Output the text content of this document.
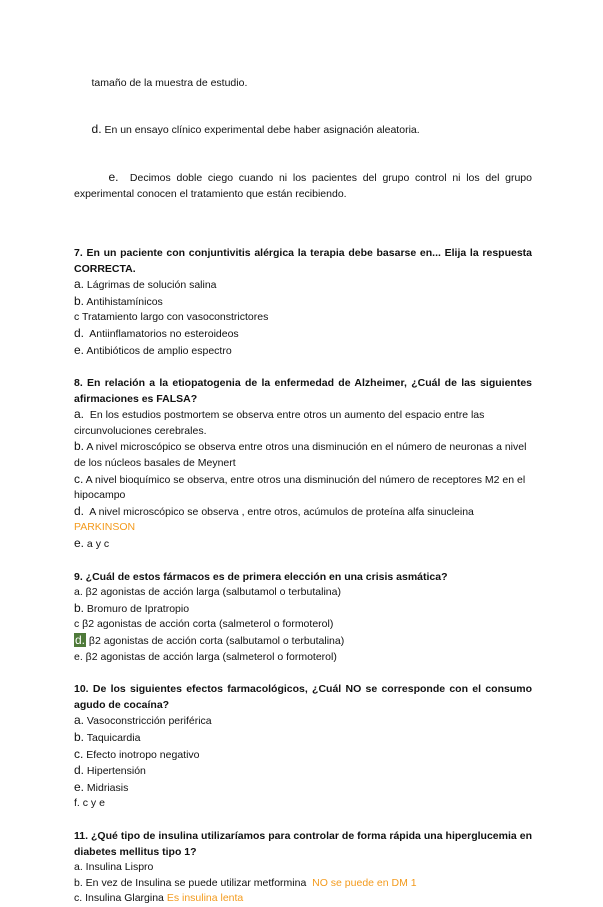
tamaño de la muestra de estudio.

d. En un ensayo clínico experimental debe haber asignación aleatoria.

e.  Decimos doble ciego cuando ni los pacientes del grupo control ni los del grupo experimental conocen el tratamiento que están recibiendo.

7. En un paciente con conjuntivitis alérgica la terapia debe basarse en... Elija la respuesta CORRECTA.
a. Lágrimas de solución salina
b. Antihistamínicos
c Tratamiento largo con vasoconstrictores
d.  Antiinflamatorios no esteroideos
e. Antibióticos de amplio espectro
8. En relación a la etiopatogenia de la enfermedad de Alzheimer, ¿Cuál de las siguientes afirmaciones es FALSA?
a.  En los estudios postmortem se observa entre otros un aumento del espacio entre las circunvoluciones cerebrales.
b. A nivel microscópico se observa entre otros una disminución en el número de neuronas a nivel de los núcleos basales de Meynert
c. A nivel bioquímico se observa, entre otros una disminución del número de receptores M2 en el hipocampo
d.  A nivel microscópico se observa , entre otros, acúmulos de proteína alfa sinucleina
PARKINSON
e. a y c
9. ¿Cuál de estos fármacos es de primera elección en una crisis asmática?
a. β2 agonistas de acción larga (salbutamol o terbutalina)
b. Bromuro de Ipratropio
c β2 agonistas de acción corta (salmeterol o formoterol)
d. β2 agonistas de acción corta (salbutamol o terbutalina)
e. β2 agonistas de acción larga (salmeterol o formoterol)
10. De los siguientes efectos farmacológicos, ¿Cuál NO se corresponde con el consumo agudo de cocaína?
a. Vasoconstricción periférica
b. Taquicardia
c. Efecto inotropo negativo
d. Hipertensión
e. Midriasis
f. c y e
11. ¿Qué tipo de insulina utilizaríamos para controlar de forma rápida una hiperglucemia en diabetes mellitus tipo 1?
a. Insulina Lispro
b. En vez de Insulina se puede utilizar metformina  NO se puede en DM 1
c. Insulina Glargina Es insulina lenta
